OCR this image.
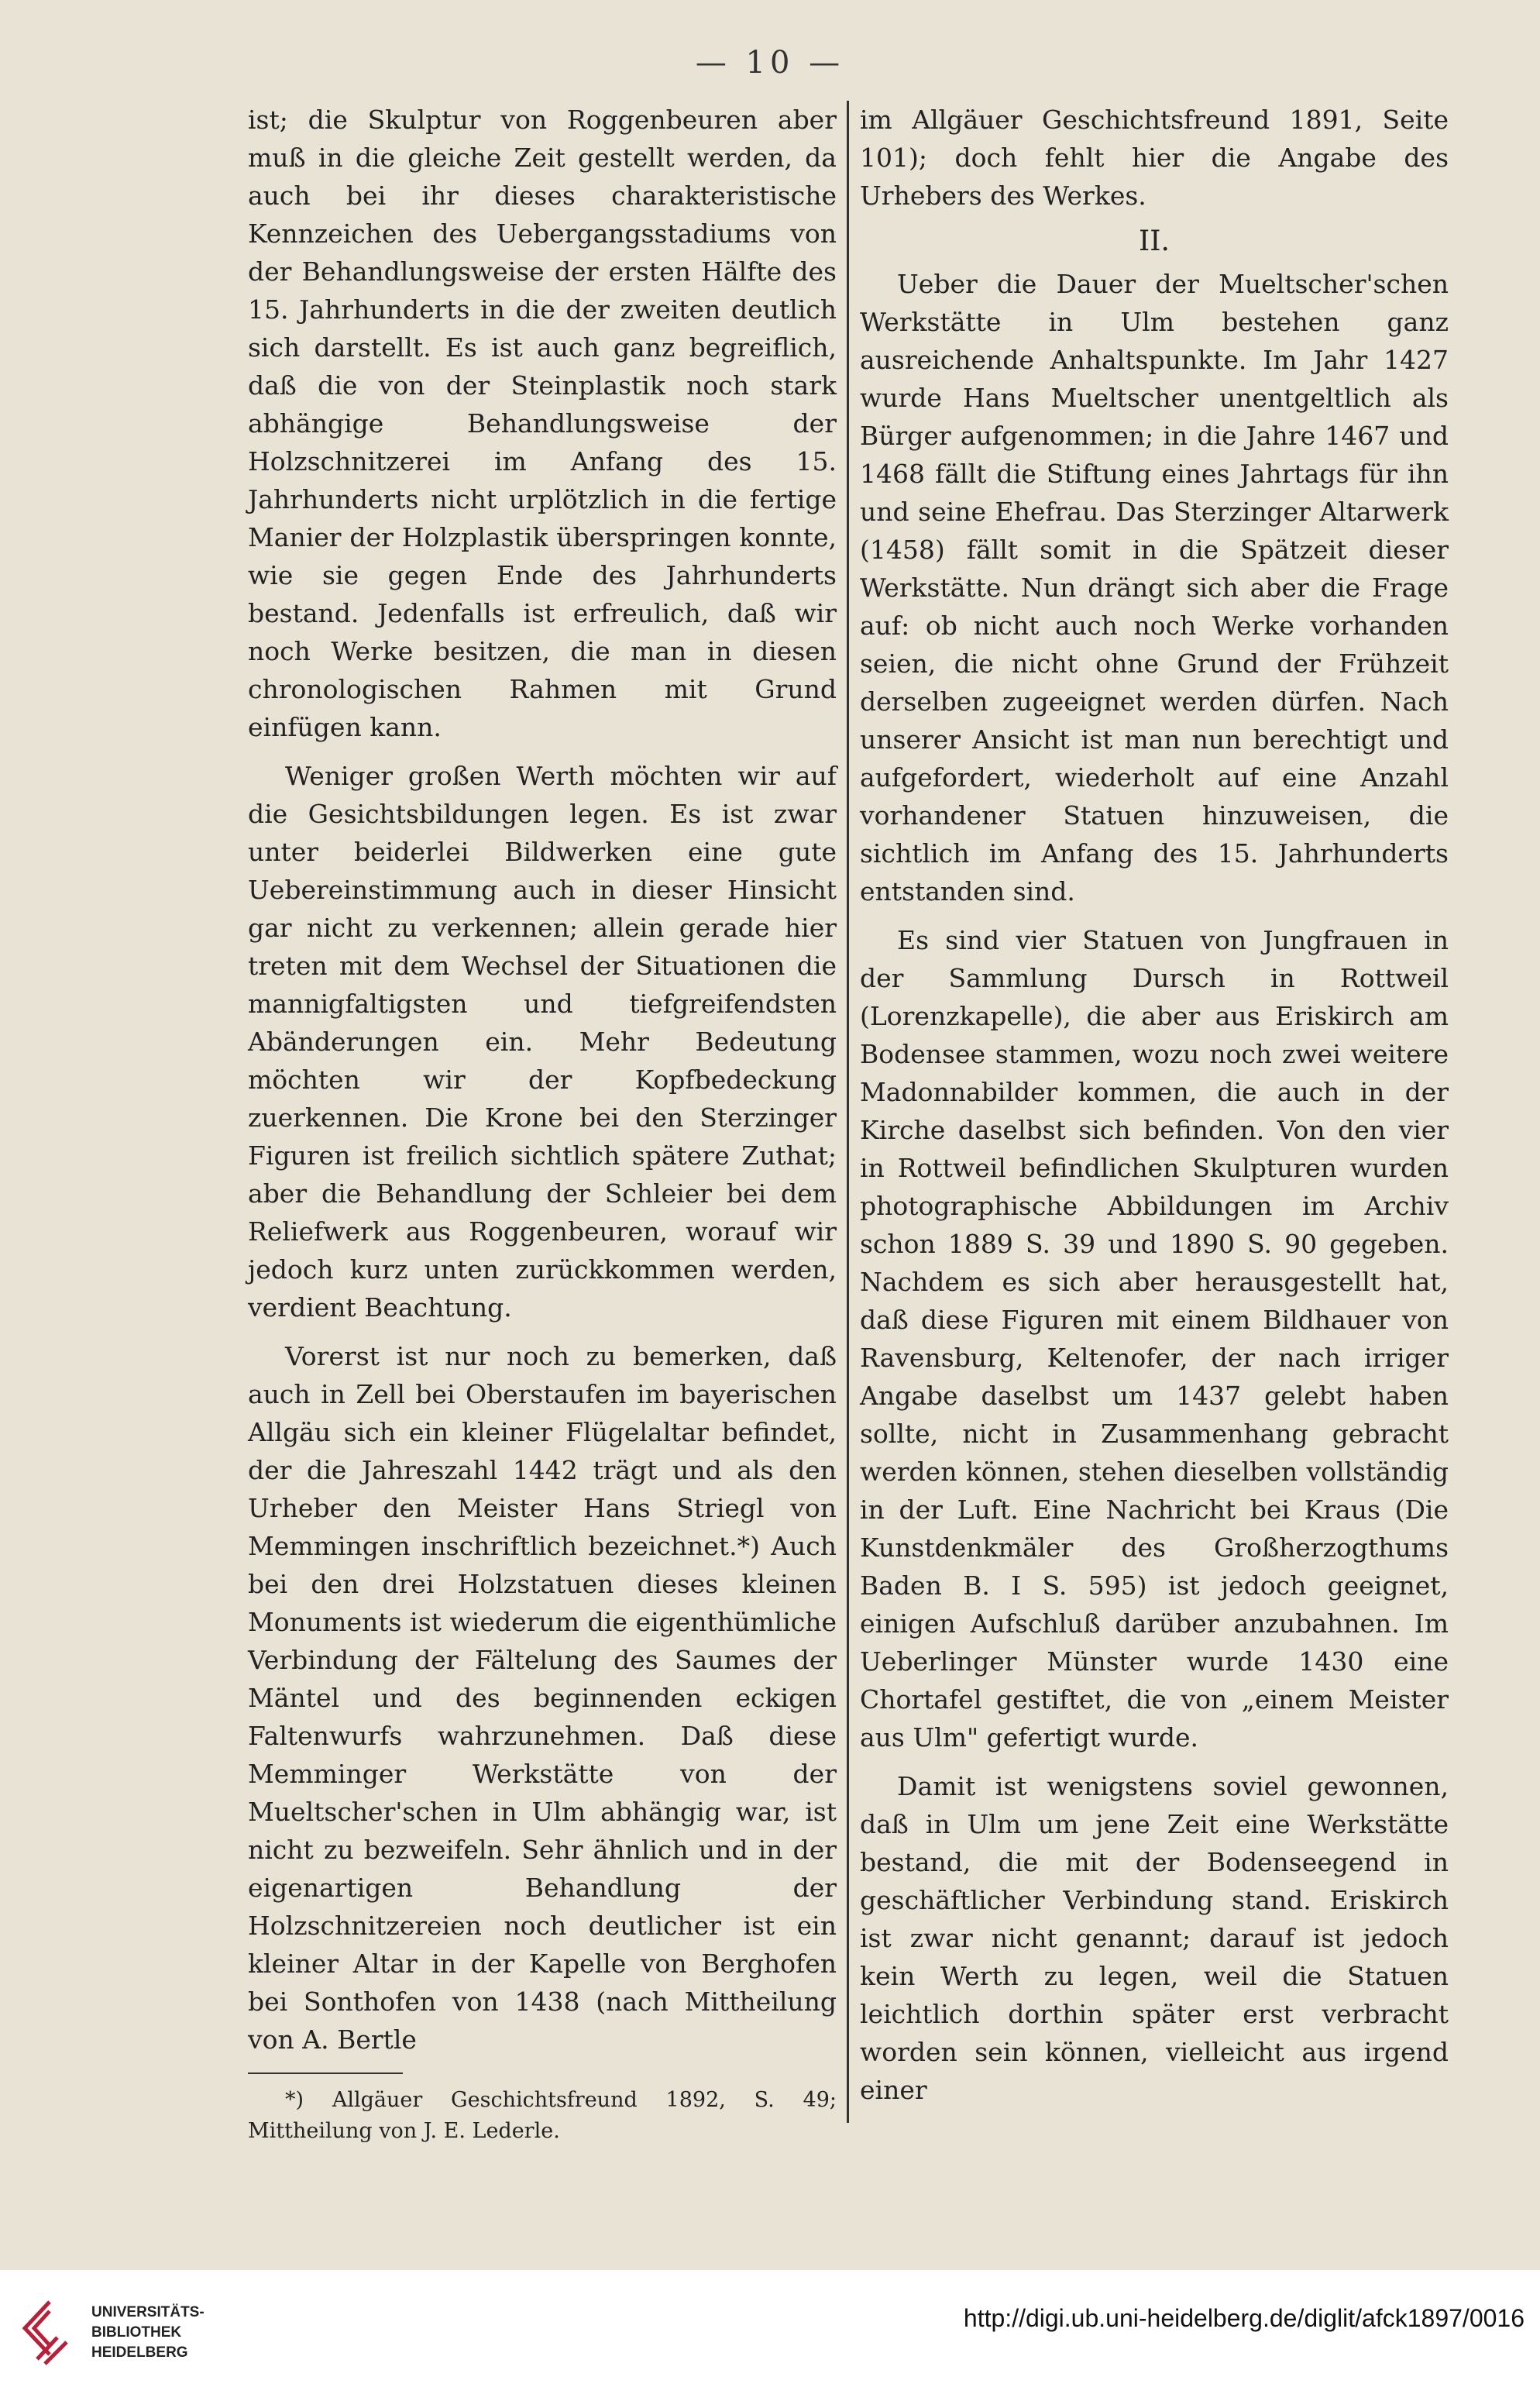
— 10 —

ist; die Skulptur von Roggenbeuren aber muß in die gleiche Zeit gestellt werden, da auch bei ihr dieses charakteristische Kennzeichen des Uebergangsstadiums von der Behandlungsweise der ersten Hälfte des 15. Jahrhunderts in die der zweiten deutlich sich darstellt. Es ist auch ganz begreiflich, daß die von der Steinplastik noch stark abhängige Behandlungsweise der Holzschnitzerei im Anfang des 15. Jahrhunderts nicht urplötzlich in die fertige Manier der Holzplastik überspringen konnte, wie sie gegen Ende des Jahrhunderts bestand. Jedenfalls ist erfreulich, daß wir noch Werke besitzen, die man in diesen chronologischen Rahmen mit Grund einfügen kann.

Weniger großen Werth möchten wir auf die Gesichtsbildungen legen. Es ist zwar unter beiderlei Bildwerken eine gute Uebereinstimmung auch in dieser Hinsicht gar nicht zu verkennen; allein gerade hier treten mit dem Wechsel der Situationen die mannigfaltigsten und tiefgreifendsten Abänderungen ein. Mehr Bedeutung möchten wir der Kopfbedeckung zuerkennen. Die Krone bei den Sterzinger Figuren ist freilich sichtlich spätere Zuthat; aber die Behandlung der Schleier bei dem Reliefwerk aus Roggenbeuren, worauf wir jedoch kurz unten zurückkommen werden, verdient Beachtung.

Vorerst ist nur noch zu bemerken, daß auch in Zell bei Oberstaufen im bayerischen Allgäu sich ein kleiner Flügelaltar befindet, der die Jahreszahl 1442 trägt und als den Urheber den Meister Hans Striegl von Memmingen inschriftlich bezeichnet.*) Auch bei den drei Holzstatuen dieses kleinen Monuments ist wiederum die eigenthümliche Verbindung der Fältelung des Saumes der Mäntel und des beginnenden eckigen Faltenwurfs wahrzunehmen. Daß diese Memminger Werkstätte von der Mueltscher'schen in Ulm abhängig war, ist nicht zu bezweifeln. Sehr ähnlich und in der eigenartigen Behandlung der Holzschnitzereien noch deutlicher ist ein kleiner Altar in der Kapelle von Berghofen bei Sonthofen von 1438 (nach Mittheilung von A. Bertle

*) Allgäuer Geschichtsfreund 1892, S. 49; Mittheilung von J. E. Lederle.

im Allgäuer Geschichtsfreund 1891, Seite 101); doch fehlt hier die Angabe des Urhebers des Werkes.

II.

Ueber die Dauer der Mueltscher'schen Werkstätte in Ulm bestehen ganz ausreichende Anhaltspunkte. Im Jahr 1427 wurde Hans Mueltscher unentgeltlich als Bürger aufgenommen; in die Jahre 1467 und 1468 fällt die Stiftung eines Jahrtags für ihn und seine Ehefrau. Das Sterzinger Altarwerk (1458) fällt somit in die Spätzeit dieser Werkstätte. Nun drängt sich aber die Frage auf: ob nicht auch noch Werke vorhanden seien, die nicht ohne Grund der Frühzeit derselben zugeeignet werden dürfen. Nach unserer Ansicht ist man nun berechtigt und aufgefordert, wiederholt auf eine Anzahl vorhandener Statuen hinzuweisen, die sichtlich im Anfang des 15. Jahrhunderts entstanden sind.

Es sind vier Statuen von Jungfrauen in der Sammlung Dursch in Rottweil (Lorenzkapelle), die aber aus Eriskirch am Bodensee stammen, wozu noch zwei weitere Madonnabilder kommen, die auch in der Kirche daselbst sich befinden. Von den vier in Rottweil befindlichen Skulpturen wurden photographische Abbildungen im Archiv schon 1889 S. 39 und 1890 S. 90 gegeben. Nachdem es sich aber herausgestellt hat, daß diese Figuren mit einem Bildhauer von Ravensburg, Keltenofer, der nach irriger Angabe daselbst um 1437 gelebt haben sollte, nicht in Zusammenhang gebracht werden können, stehen dieselben vollständig in der Luft. Eine Nachricht bei Kraus (Die Kunstdenkmäler des Großherzogthums Baden B. I S. 595) ist jedoch geeignet, einigen Aufschluß darüber anzubahnen. Im Ueberlinger Münster wurde 1430 eine Chortafel gestiftet, die von „einem Meister aus Ulm" gefertigt wurde.

Damit ist wenigstens soviel gewonnen, daß in Ulm um jene Zeit eine Werkstätte bestand, die mit der Bodenseegend in geschäftlicher Verbindung stand. Eriskirch ist zwar nicht genannt; darauf ist jedoch kein Werth zu legen, weil die Statuen leichtlich dorthin später erst verbracht worden sein können, vielleicht aus irgend einer

UNIVERSITÄTS-
BIBLIOTHEK
HEIDELBERG
http://digi.ub.uni-heidelberg.de/diglit/afck1897/0016
